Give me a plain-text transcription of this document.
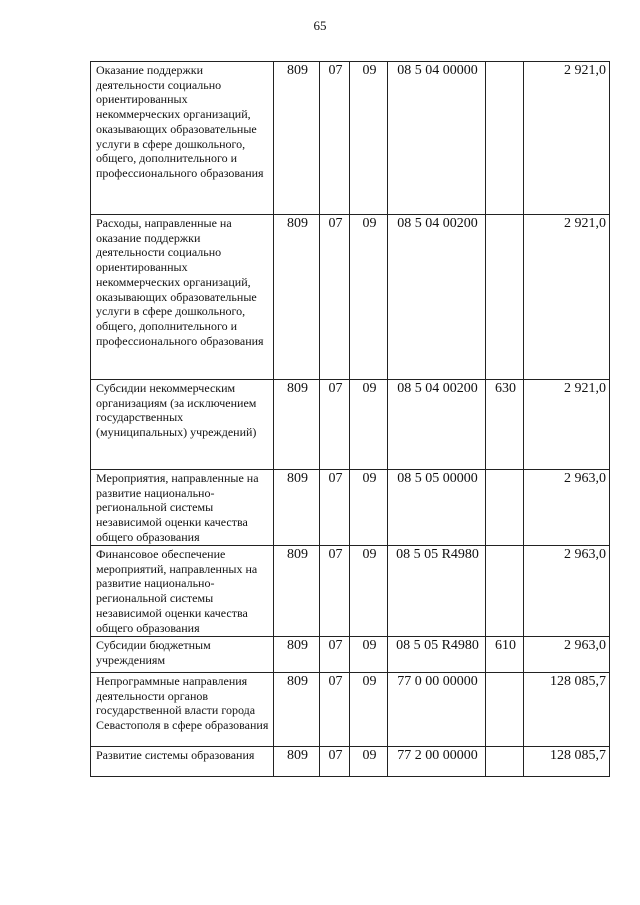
65
Оказание поддержки деятельности социально ориентированных некоммерческих организаций, оказывающих образовательные услуги в сфере дошкольного, общего, дополнительного и профессионального образования	809	07	09	08 5 04 00000		2 921,0
Расходы, направленные на оказание поддержки деятельности социально ориентированных некоммерческих организаций, оказывающих образовательные услуги в сфере дошкольного, общего, дополнительного и профессионального образования	809	07	09	08 5 04 00200		2 921,0
Субсидии некоммерческим организациям (за исключением государственных (муниципальных) учреждений)	809	07	09	08 5 04 00200	630	2 921,0
Мероприятия, направленные на развитие национально-региональной системы независимой оценки качества общего образования	809	07	09	08 5 05 00000		2 963,0
Финансовое обеспечение мероприятий, направленных на развитие национально-региональной системы независимой оценки качества общего образования	809	07	09	08 5 05 R4980		2 963,0
Субсидии бюджетным учреждениям	809	07	09	08 5 05 R4980	610	2 963,0
Непрограммные направления деятельности органов государственной власти города Севастополя в сфере образования	809	07	09	77 0 00 00000		128 085,7
Развитие системы образования	809	07	09	77 2 00 00000		128 085,7
